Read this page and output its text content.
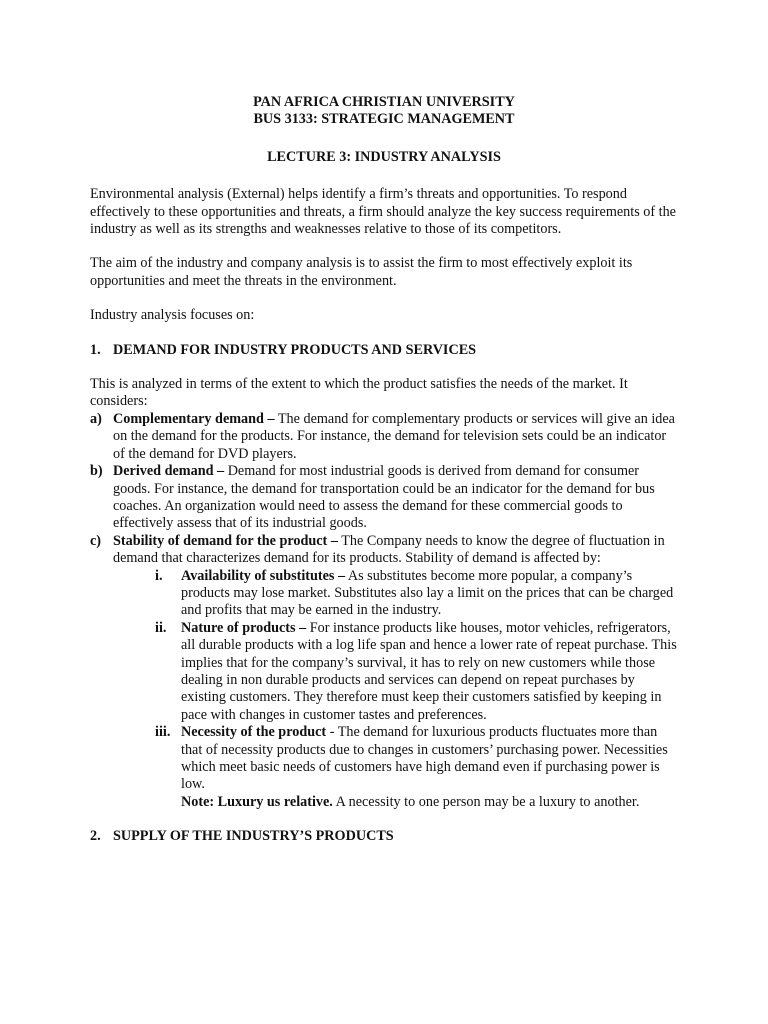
PAN AFRICA CHRISTIAN UNIVERSITY
BUS 3133: STRATEGIC MANAGEMENT
LECTURE 3: INDUSTRY ANALYSIS

Environmental analysis (External) helps identify a firm’s threats and opportunities. To respond effectively to these opportunities and threats, a firm should analyze the key success requirements of the industry as well as its strengths and weaknesses relative to those of its competitors.

The aim of the industry and company analysis is to assist the firm to most effectively exploit its opportunities and meet the threats in the environment.

Industry analysis focuses on:

1. DEMAND FOR INDUSTRY PRODUCTS AND SERVICES

This is analyzed in terms of the extent to which the product satisfies the needs of the market. It considers:

a) Complementary demand – The demand for complementary products or services will give an idea on the demand for the products. For instance, the demand for television sets could be an indicator of the demand for DVD players.
b) Derived demand – Demand for most industrial goods is derived from demand for consumer goods. For instance, the demand for transportation could be an indicator for the demand for bus coaches. An organization would need to assess the demand for these commercial goods to effectively assess that of its industrial goods.
c) Stability of demand for the product – The Company needs to know the degree of fluctuation in demand that characterizes demand for its products. Stability of demand is affected by:
i.	Availability of substitutes – As substitutes become more popular, a company’s products may lose market. Substitutes also lay a limit on the prices that can be charged and profits that may be earned in the industry.
ii.	Nature of products – For instance products like houses, motor vehicles, refrigerators, all durable products with a log life span and hence a lower rate of repeat purchase. This implies that for the company’s survival, it has to rely on new customers while those dealing in non durable products and services can depend on repeat purchases by existing customers. They therefore must keep their customers satisfied by keeping in pace with changes in customer tastes and preferences.
iii. Necessity of the product - The demand for luxurious products fluctuates more than that of necessity products due to changes in customers’ purchasing power. Necessities which meet basic needs of customers have high demand even if purchasing power is low.
Note: Luxury us relative. A necessity to one person may be a luxury to another.
2. SUPPLY OF THE INDUSTRY’S PRODUCTS
